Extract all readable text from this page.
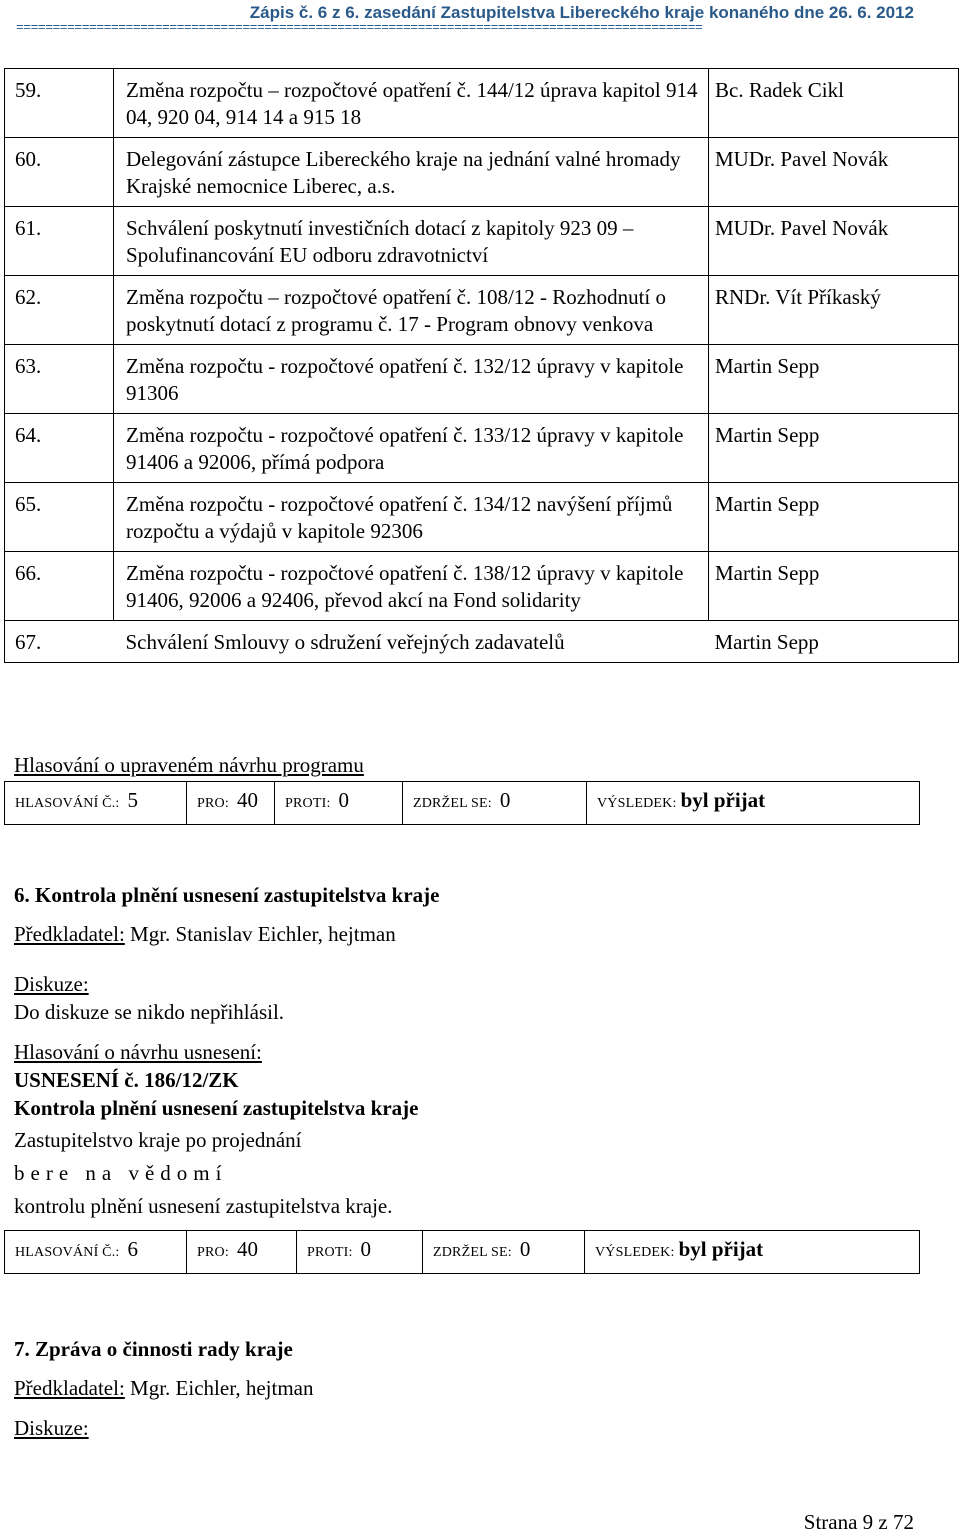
Zápis č. 6 z 6. zasedání Zastupitelstva Libereckého kraje konaného dne 26. 6. 2012
==============================================================================================
59.	Změna rozpočtu – rozpočtové opatření č. 144/12 úprava kapitol 914 04, 920 04, 914 14 a 915 18	Bc. Radek Cikl
60.	Delegování zástupce Libereckého kraje na jednání valné hromady Krajské nemocnice Liberec, a.s.	MUDr. Pavel Novák
61.	Schválení poskytnutí investičních dotací z kapitoly 923 09 – Spolufinancování EU odboru zdravotnictví	MUDr. Pavel Novák
62.	Změna rozpočtu – rozpočtové opatření č. 108/12 - Rozhodnutí o poskytnutí dotací z programu č. 17 - Program obnovy venkova	RNDr. Vít Příkaský
63.	Změna rozpočtu - rozpočtové opatření č. 132/12 úpravy v kapitole 91306	Martin Sepp
64.	Změna rozpočtu - rozpočtové opatření č. 133/12 úpravy v kapitole 91406 a 92006, přímá podpora	Martin Sepp
65.	Změna rozpočtu - rozpočtové opatření č. 134/12 navýšení příjmů rozpočtu a výdajů v kapitole 92306	Martin Sepp
66.	Změna rozpočtu - rozpočtové opatření č. 138/12 úpravy v kapitole 91406, 92006 a 92406, převod akcí na Fond solidarity	Martin Sepp
67.	Schválení Smlouvy o sdružení veřejných zadavatelů	Martin Sepp
Hlasování o upraveném návrhu programu
HLASOVÁNÍ Č.: 5	PRO: 40	PROTI: 0	ZDRŽEL SE: 0	VÝSLEDEK: byl přijat
6. Kontrola plnění usnesení zastupitelstva kraje
Předkladatel: Mgr. Stanislav Eichler, hejtman
Diskuze:
Do diskuze se nikdo nepřihlásil.
Hlasování o návrhu usnesení:
USNESENÍ č. 186/12/ZK
Kontrola plnění usnesení zastupitelstva kraje
Zastupitelstvo kraje po projednání
bere na vědomí
kontrolu plnění usnesení zastupitelstva kraje.
HLASOVÁNÍ Č.: 6	PRO: 40	PROTI: 0	ZDRŽEL SE: 0	VÝSLEDEK: byl přijat
7. Zpráva o činnosti rady kraje
Předkladatel: Mgr. Eichler, hejtman
Diskuze:
Strana 9 z 72
